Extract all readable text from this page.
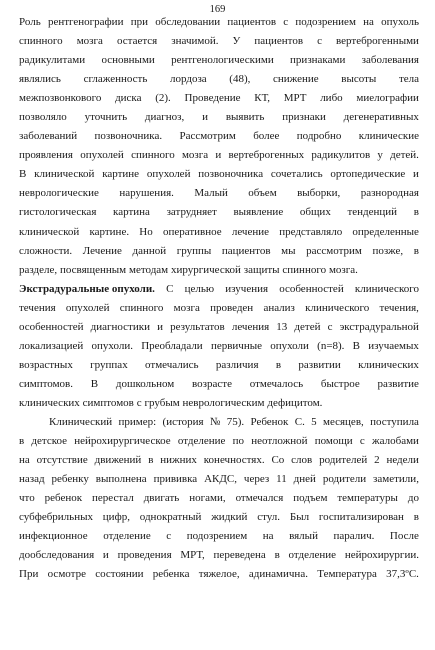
169
Роль рентгенографии при обследовании пациентов с подозрением на опухоль
спинного мозга остается значимой. У пациентов с вертеброгенными
радикулитами основными рентгенологическими признаками заболевания
являлись сглаженность лордоза (48), снижение высоты тела
межпозвонкового диска (2). Проведение КТ, МРТ либо миелографии
позволяло уточнить диагноз, и выявить признаки дегенеративных
заболеваний позвоночника. Рассмотрим более подробно клинические
проявления опухолей спинного мозга и вертеброгенных радикулитов у детей.
В клинической картине опухолей позвоночника сочетались ортопедические и
неврологические нарушения. Малый объем выборки, разнородная
гистологическая картина затрудняет выявление общих тенденций в
клинической картине. Но оперативное лечение представляло определенные
сложности. Лечение данной группы пациентов мы рассмотрим позже, в
разделе, посвященным методам хирургической защиты спинного мозга.
Экстрадуральные опухоли. С целью изучения особенностей клинического
течения опухолей спинного мозга проведен анализ клинического течения,
особенностей диагностики и результатов лечения 13 детей с экстрадуральной
локализацией опухоли. Преобладали первичные опухоли (n=8). В изучаемых
возрастных группах отмечались различия в развитии клинических
симптомов. В дошкольном возрасте отмечалось быстрое развитие
клинических симптомов с грубым неврологическим дефицитом.
Клинический пример: (история № 75). Ребенок С. 5 месяцев, поступила
в детское нейрохирургическое отделение по неотложной помощи с жалобами
на отсутствие движений в нижних конечностях. Со слов родителей 2 недели
назад ребенку выполнена прививка АКДС, через 11 дней родители заметили,
что ребенок перестал двигать ногами, отмечался подъем температуры до
субфебрильных цифр, однократный жидкий стул. Был госпитализирован в
инфекционное отделение с подозрением на вялый паралич. После
дообследования и проведения МРТ, переведена в отделение нейрохирургии.
При осмотре состоянии ребенка тяжелое, адинамична. Температура 37,3ºС.
